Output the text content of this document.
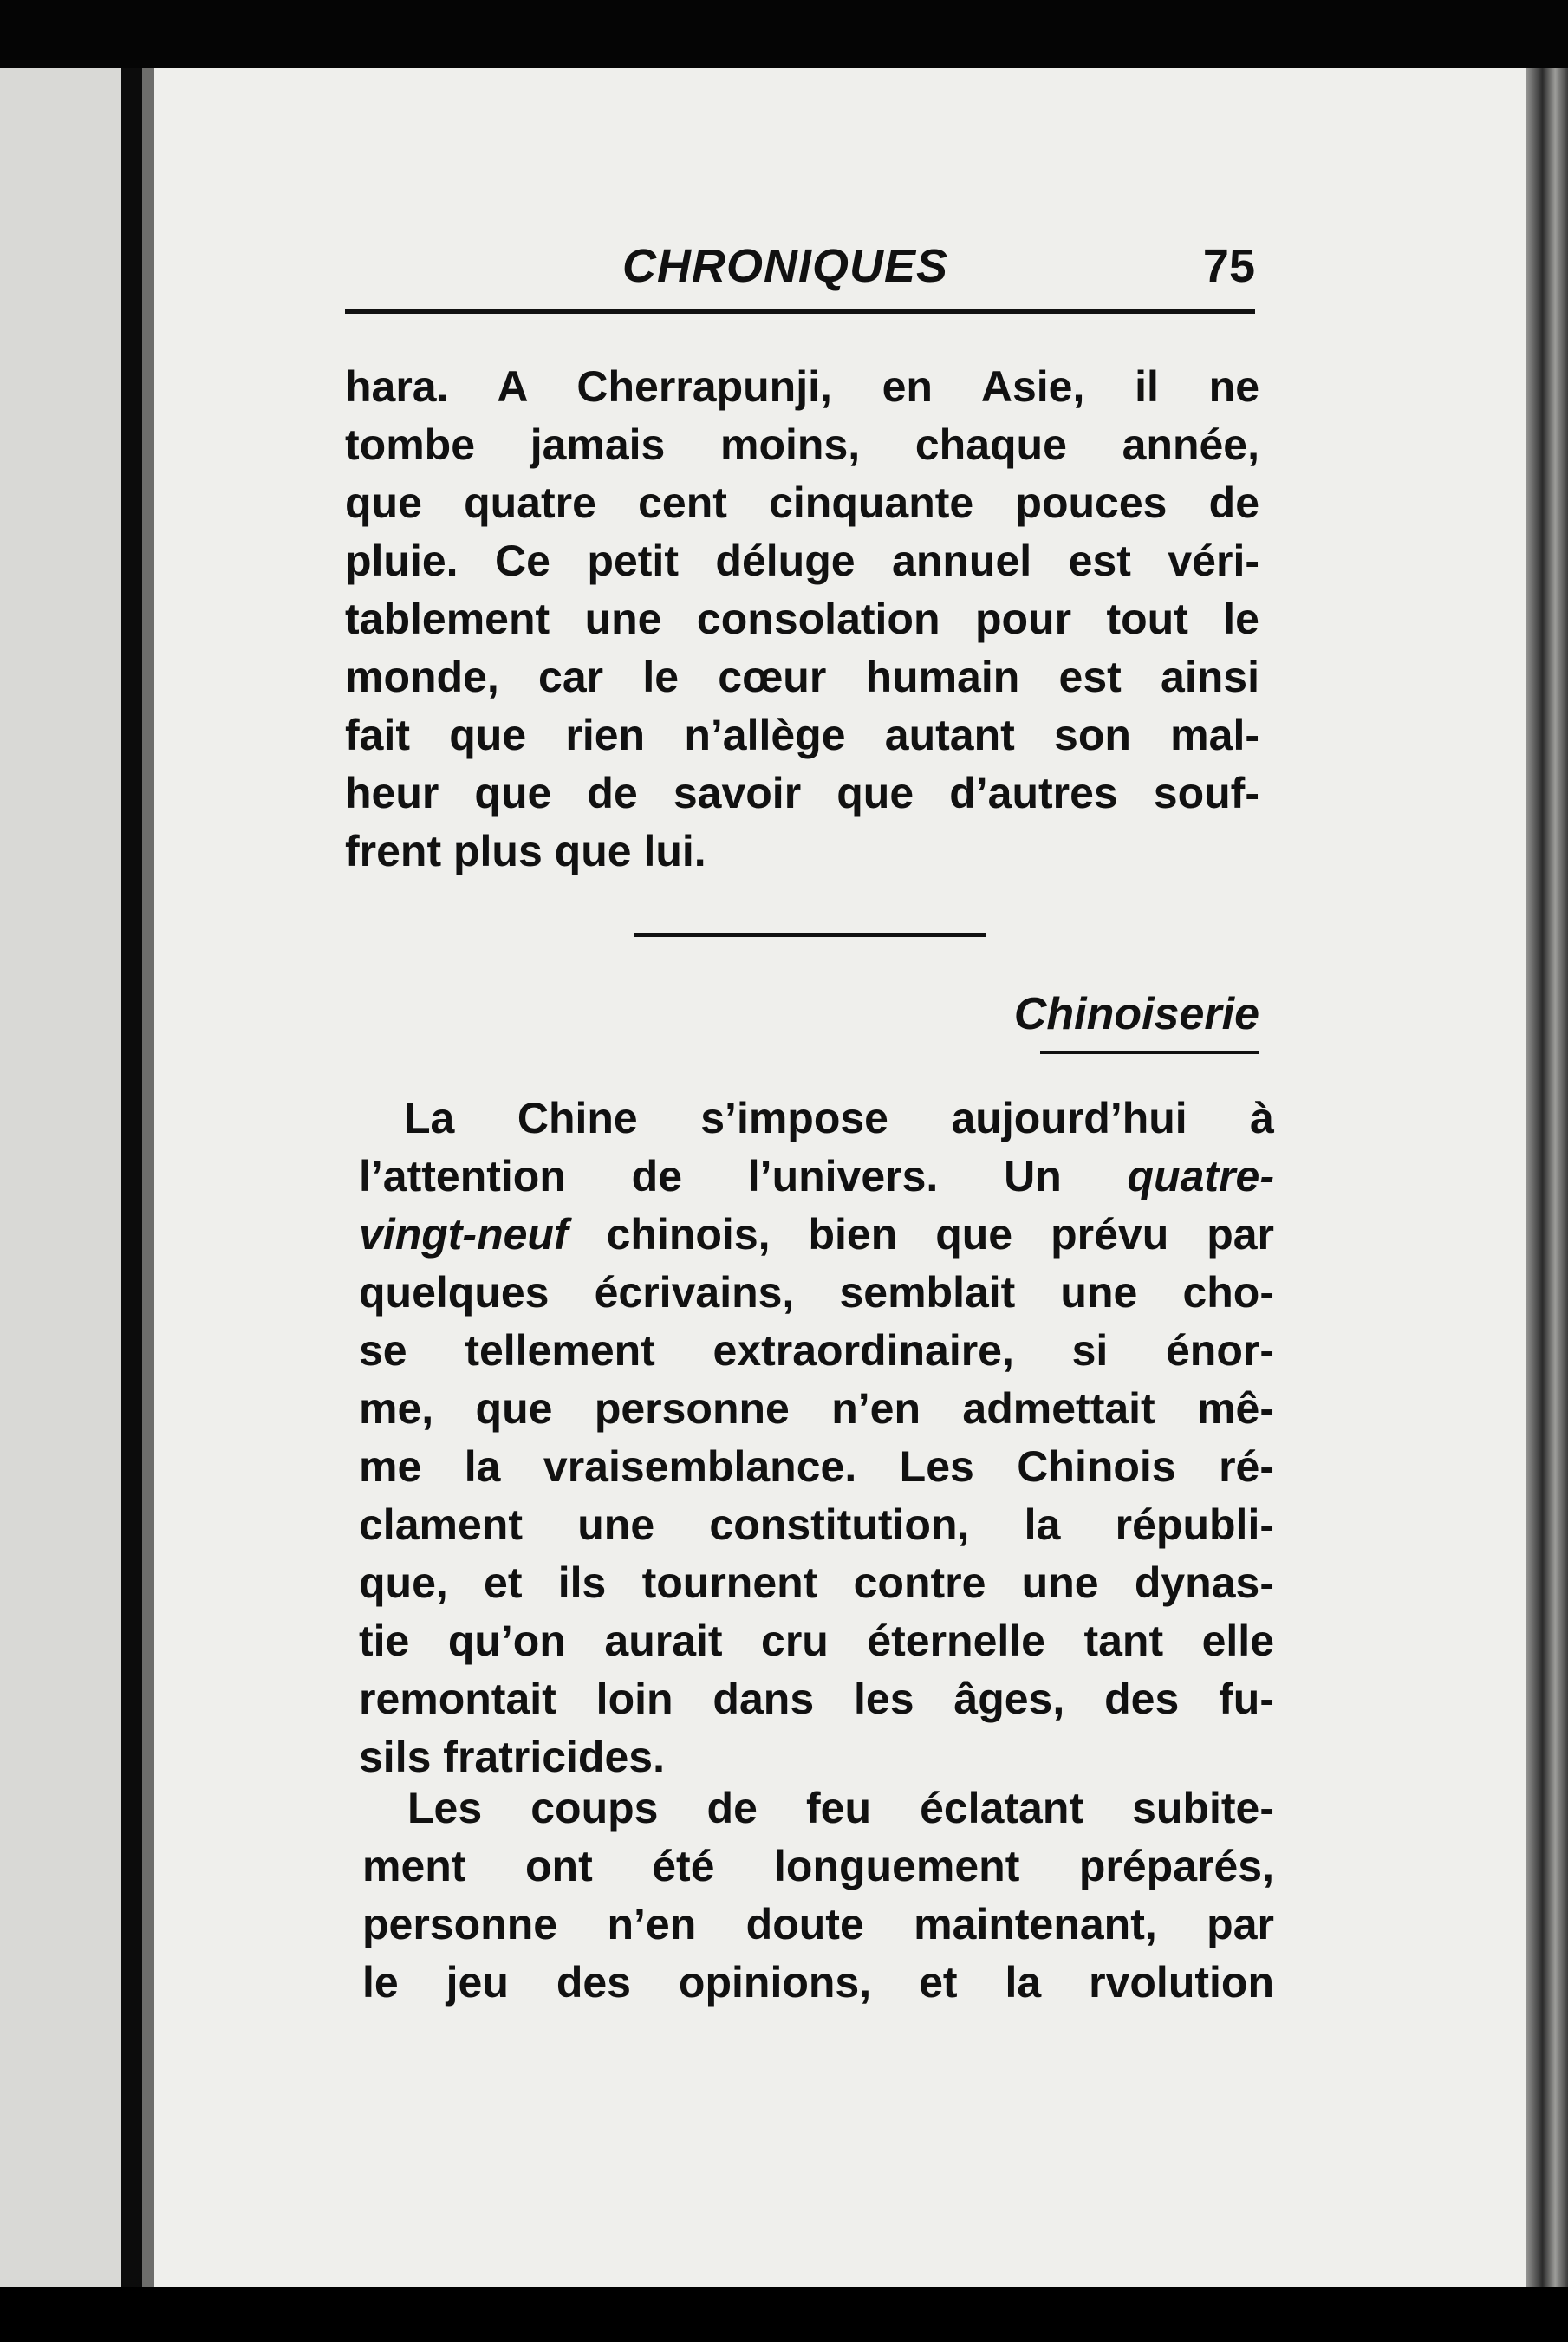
CHRONIQUES	75

hara. A Cherrapunji, en Asie, il ne
tombe jamais moins, chaque année,
que quatre cent cinquante pouces de
pluie. Ce petit déluge annuel est véri-
tablement une consolation pour tout le
monde, car le cœur humain est ainsi
fait que rien n’allège autant son mal-
heur que de savoir que d’autres souf-
frent plus que lui.

Chinoiserie

La Chine s’impose aujourd’hui à
l’attention de l’univers. Un quatre-
vingt-neuf chinois, bien que prévu par
quelques écrivains, semblait une cho-
se tellement extraordinaire, si énor-
me, que personne n’en admettait mê-
me la vraisemblance. Les Chinois ré-
clament une constitution, la républi-
que, et ils tournent contre une dynas-
tie qu’on aurait cru éternelle tant elle
remontait loin dans les âges, des fu-
sils fratricides.

Les coups de feu éclatant subite-
ment ont été longuement préparés,
personne n’en doute maintenant, par
le jeu des opinions, et la rvolution
